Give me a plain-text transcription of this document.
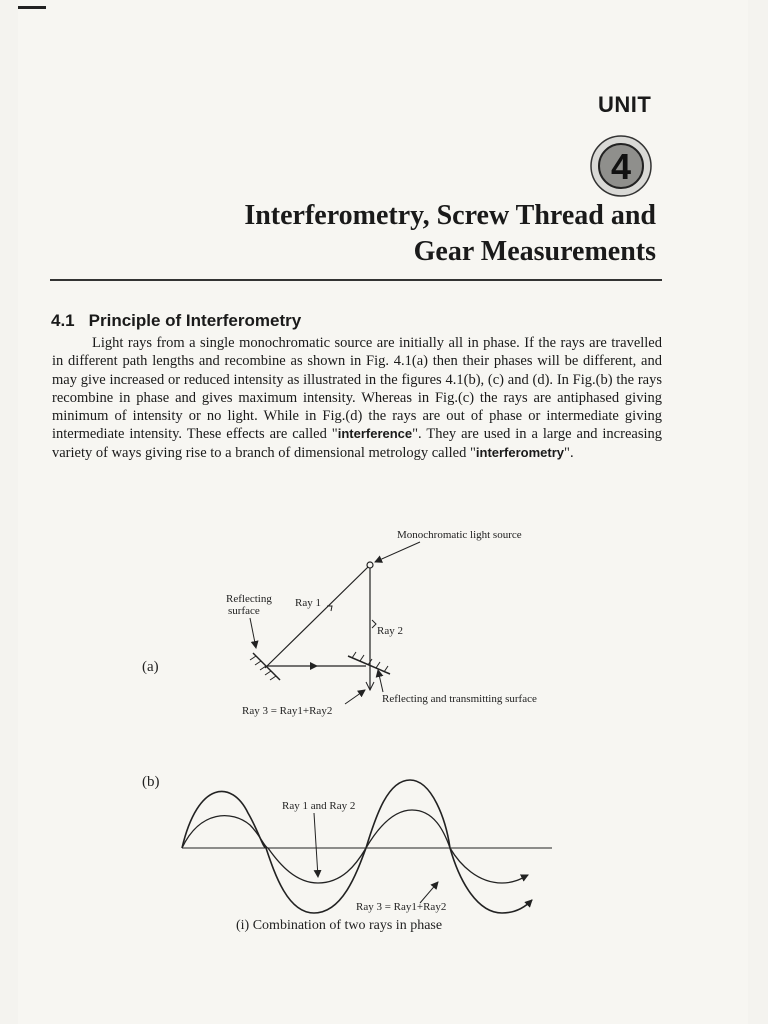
UNIT
4
Interferometry, Screw Thread and
Gear Measurements
4.1 Principle of Interferometry
Light rays from a single monochromatic source are initially all in phase. If the rays are travelled in different path lengths and recombine as shown in Fig. 4.1(a) then their phases will be different, and may give increased or reduced intensity as illustrated in the figures 4.1(b), (c) and (d). In Fig.(b) the rays recombine in phase and gives maximum intensity. Whereas in Fig.(c) the rays are antiphased giving minimum of intensity or no light. While in Fig.(d) the rays are out of phase or intermediate giving intermediate intensity. These effects are called "interference". They are used in a large and increasing variety of ways giving rise to a branch of dimensional metrology called "interferometry".
(a)
Monochromatic light source
Ray 2
Ray 1
Reflecting
surface
Ray 3 = Ray1+Ray2
Reflecting and transmitting surface
(b)
Ray 1 and Ray 2
Ray 3 = Ray1+Ray2
(i) Combination of two rays in phase
